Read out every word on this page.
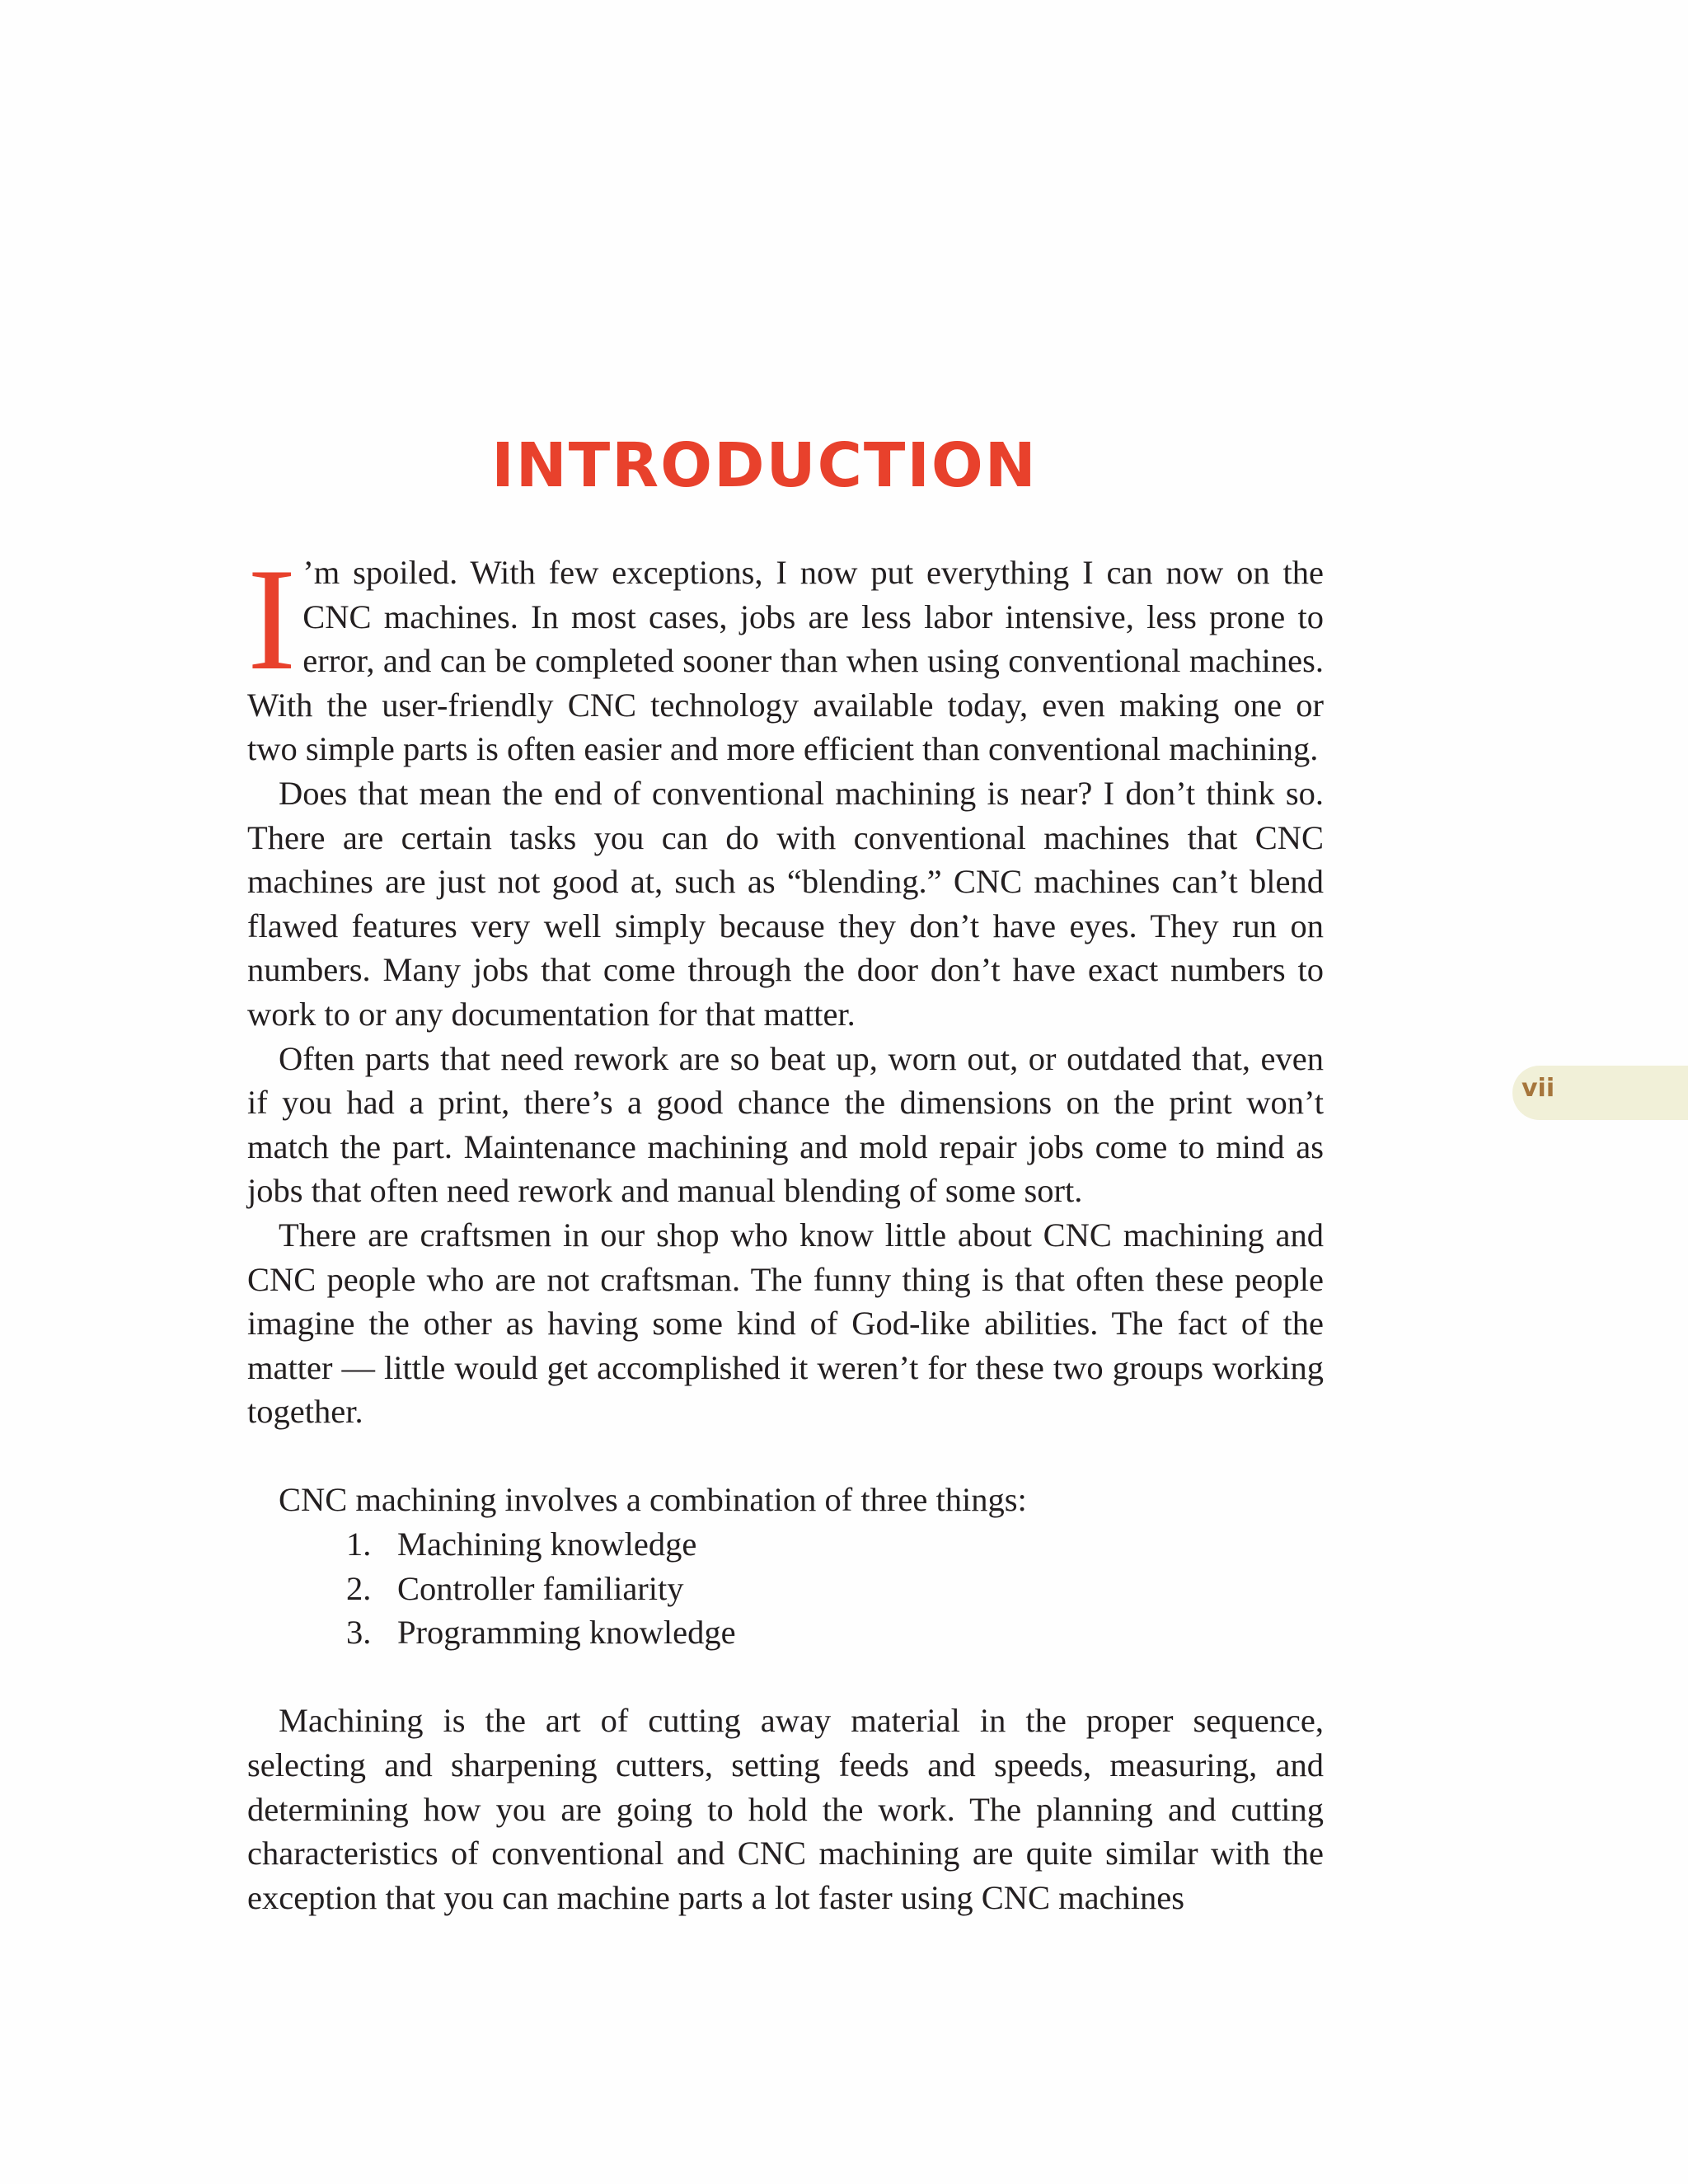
INTRODUCTION

I ’m spoiled. With few exceptions, I now put everything I can now on the CNC machines. In most cases, jobs are less labor intensive, less prone to error, and can be completed sooner than when using conventional machines. With the user-friendly CNC technology available today, even making one or two simple parts is often easier and more efficient than conventional machining.

Does that mean the end of conventional machining is near? I don’t think so. There are certain tasks you can do with conventional machines that CNC machines are just not good at, such as “blending.” CNC machines can’t blend flawed features very well simply because they don’t have eyes. They run on numbers. Many jobs that come through the door don’t have exact numbers to work to or any documentation for that matter.

Often parts that need rework are so beat up, worn out, or outdated that, even if you had a print, there’s a good chance the dimensions on the print won’t match the part. Maintenance machining and mold repair jobs come to mind as jobs that often need rework and manual blending of some sort.

There are craftsmen in our shop who know little about CNC machining and CNC people who are not craftsman. The funny thing is that often these people imagine the other as having some kind of God-like abilities. The fact of the matter — little would get accomplished it weren’t for these two groups working together.

CNC machining involves a combination of three things:

1. Machining knowledge
2. Controller familiarity
3. Programming knowledge

Machining is the art of cutting away material in the proper sequence, selecting and sharpening cutters, setting feeds and speeds, measuring, and determining how you are going to hold the work. The planning and cutting characteristics of conventional and CNC machining are quite similar with the exception that you can machine parts a lot faster using CNC machines

vii
